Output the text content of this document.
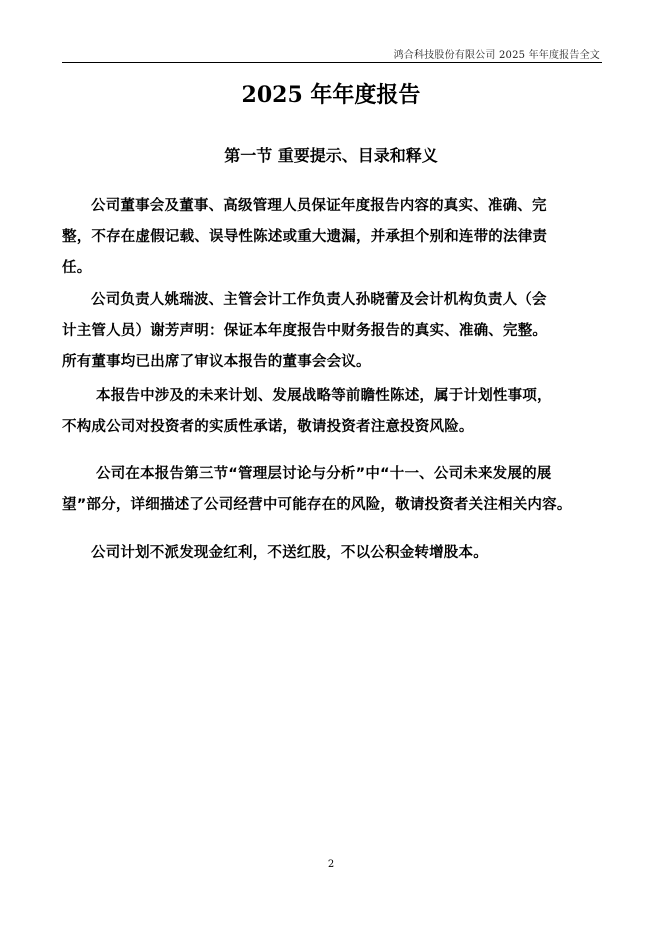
鸿合科技股份有限公司 2025 年年度报告全文
2025 年年度报告
第一节 重要提示、目录和释义
公司董事会及董事、高级管理人员保证年度报告内容的真实、准确、完
整，不存在虚假记载、误导性陈述或重大遗漏，并承担个别和连带的法律责
任。
公司负责人姚瑞波、主管会计工作负责人孙晓蕾及会计机构负责人（会
计主管人员）谢芳声明：保证本年度报告中财务报告的真实、准确、完整。
所有董事均已出席了审议本报告的董事会会议。
本报告中涉及的未来计划、发展战略等前瞻性陈述，属于计划性事项，
不构成公司对投资者的实质性承诺，敬请投资者注意投资风险。
公司在本报告第三节“管理层讨论与分析”中“十一、公司未来发展的展
望”部分，详细描述了公司经营中可能存在的风险，敬请投资者关注相关内容。
公司计划不派发现金红利，不送红股，不以公积金转增股本。
2
